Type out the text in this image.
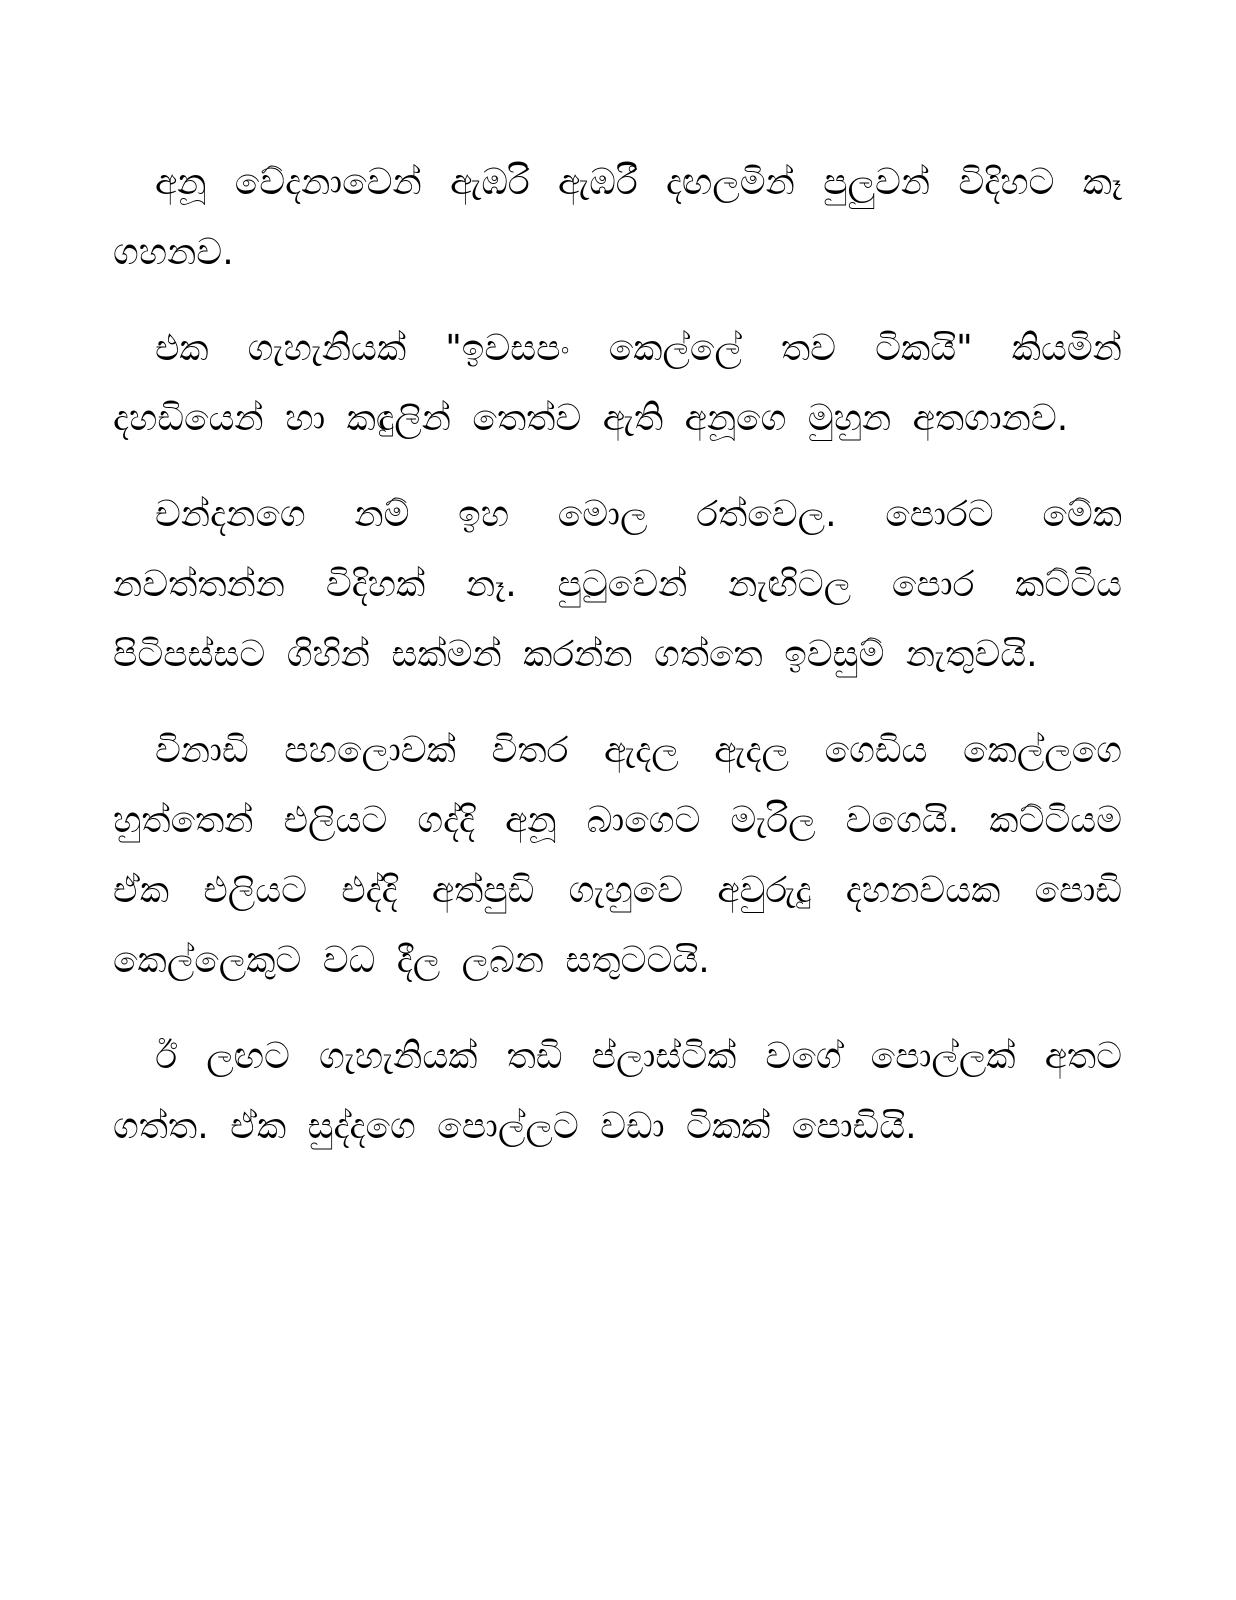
අනූ වේදනාවෙන් ඇඹරි ඇඹරී දඟලමින් පුලුවන් විදිහට කෑ ගහනව.

එක ගැහැනියක් "ඉවසපං කෙල්ලේ තව ටිකයි" කියමින් දහඩියෙන් හා කඳුලින් තෙත්ව ඇති අනූගෙ මුහුන අතගානව.

චන්දනගෙ නම් ඉහ මොල රත්වෙල. පොරට මේක නවත්තන්න විදිහක් නෑ. පුටුවෙන් නැඟිටල පොර කට්ටිය පිටිපස්සට ගිහින් සක්මන් කරන්න ගත්තෙ ඉවසුම් නැතුවයි.

විනාඩි පහලොවක් විතර ඇදල ඇදල ගෙඩිය කෙල්ලගෙ හුත්තෙන් එලියට ගද්දි අනූ බාගෙට මැරිල වගෙයි. කට්ටියම ඒක එලියට එද්දි අත්පුඩි ගැහුවෙ අවුරුදු දහනවයක පොඩි කෙල්ලෙකුට වධ දීල ලබන සතුටටයි.

ඊ ලඟට ගැහැනියක් තඩි ප්ලාස්ටික් වගේ පොල්ලක් අතට ගත්ත. ඒක සුද්දගෙ පොල්ලට වඩා ටිකක් පොඩියි.
